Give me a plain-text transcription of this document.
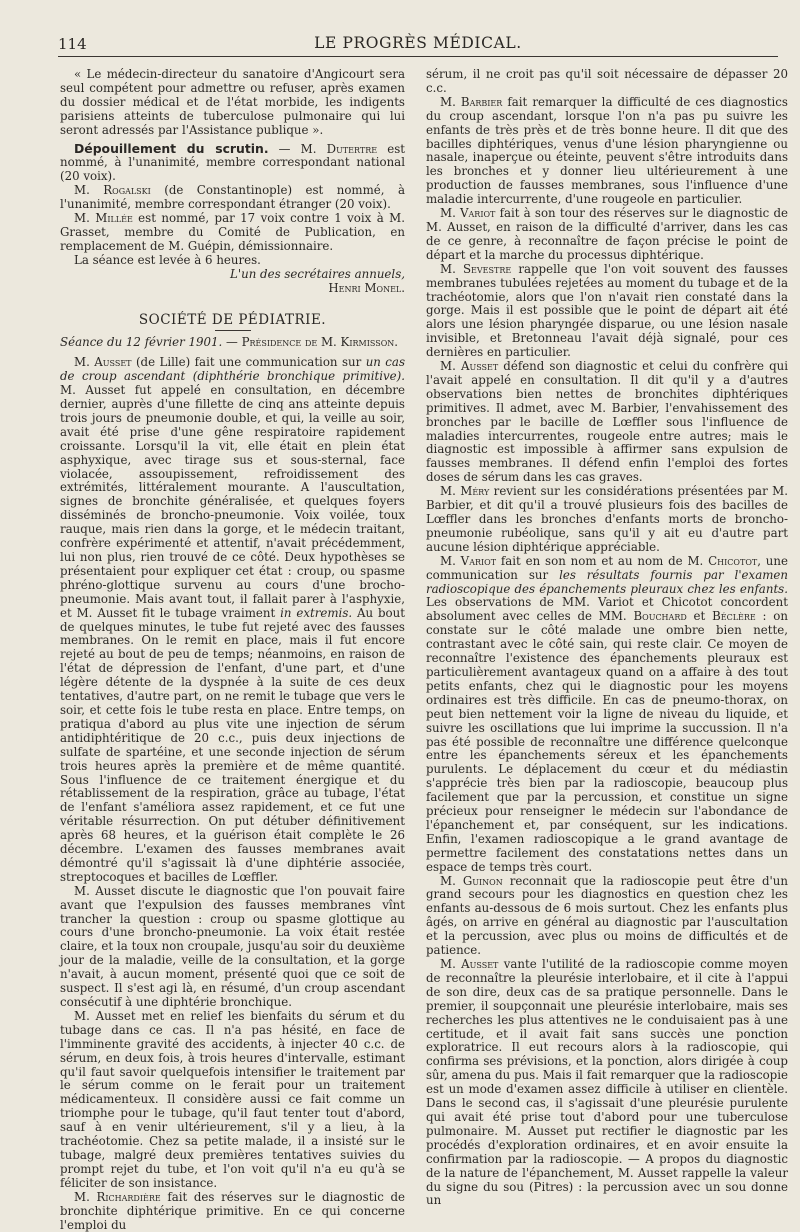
114	LE PROGRÈS MÉDICAL.

« Le médecin-directeur du sanatoire d'Angicourt sera seul compétent pour admettre ou refuser, après examen du dossier médical et de l'état morbide, les indigents parisiens atteints de tuberculose pulmonaire qui lui seront adressés par l'Assistance publique ».

Dépouillement du scrutin. — M. Dutertre est nommé, à l'unanimité, membre correspondant national (20 voix).

M. Rogalski (de Constantinople) est nommé, à l'unanimité, membre correspondant étranger (20 voix).

M. Millée est nommé, par 17 voix contre 1 voix à M. Grasset, membre du Comité de Publication, en remplacement de M. Guépin, démissionnaire.

La séance est levée à 6 heures.

L'un des secrétaires annuels,

Henri Monel.

SOCIÉTÉ DE PÉDIATRIE.

Séance du 12 février 1901. — Présidence de M. Kirmisson.

M. Ausset (de Lille) fait une communication sur un cas de croup ascendant (diphthérie bronchique primitive). M. Ausset fut appelé en consultation, en décembre dernier, auprès d'une fillette de cinq ans atteinte depuis trois jours de pneumonie double, et qui, la veille au soir, avait été prise d'une gêne respiratoire rapidement croissante. Lorsqu'il la vit, elle était en plein état asphyxique, avec tirage sus et sous-sternal, face violacée, assoupissement, refroidissement des extrémités, littéralement mourante. A l'auscultation, signes de bronchite généralisée, et quelques foyers disséminés de broncho-pneumonie. Voix voilée, toux rauque, mais rien dans la gorge, et le médecin traitant, confrère expérimenté et attentif, n'avait précédemment, lui non plus, rien trouvé de ce côté. Deux hypothèses se présentaient pour expliquer cet état : croup, ou spasme phréno-glottique survenu au cours d'une brocho-pneumonie. Mais avant tout, il fallait parer à l'asphyxie, et M. Ausset fit le tubage vraiment in extremis. Au bout de quelques minutes, le tube fut rejeté avec des fausses membranes. On le remit en place, mais il fut encore rejeté au bout de peu de temps; néanmoins, en raison de l'état de dépression de l'enfant, d'une part, et d'une légère détente de la dyspnée à la suite de ces deux tentatives, d'autre part, on ne remit le tubage que vers le soir, et cette fois le tube resta en place. Entre temps, on pratiqua d'abord au plus vite une injection de sérum antidiphtéritique de 20 c.c., puis deux injections de sulfate de spartéine, et une seconde injection de sérum trois heures après la première et de même quantité. Sous l'influence de ce traitement énergique et du rétablissement de la respiration, grâce au tubage, l'état de l'enfant s'améliora assez rapidement, et ce fut une véritable résurrection. On put détuber définitivement après 68 heures, et la guérison était complète le 26 décembre. L'examen des fausses membranes avait démontré qu'il s'agissait là d'une diphtérie associée, streptocoques et bacilles de Lœffler.

M. Ausset discute le diagnostic que l'on pouvait faire avant que l'expulsion des fausses membranes vînt trancher la question : croup ou spasme glottique au cours d'une broncho-pneumonie. La voix était restée claire, et la toux non croupale, jusqu'au soir du deuxième jour de la maladie, veille de la consultation, et la gorge n'avait, à aucun moment, présenté quoi que ce soit de suspect. Il s'est agi là, en résumé, d'un croup ascendant consécutif à une diphtérie bronchique.

M. Ausset met en relief les bienfaits du sérum et du tubage dans ce cas. Il n'a pas hésité, en face de l'imminente gravité des accidents, à injecter 40 c.c. de sérum, en deux fois, à trois heures d'intervalle, estimant qu'il faut savoir quelquefois intensifier le traitement par le sérum comme on le ferait pour un traitement médicamenteux. Il considère aussi ce fait comme un triomphe pour le tubage, qu'il faut tenter tout d'abord, sauf à en venir ultérieurement, s'il y a lieu, à la trachéotomie. Chez sa petite malade, il a insisté sur le tubage, malgré deux premières tentatives suivies du prompt rejet du tube, et l'on voit qu'il n'a eu qu'à se féliciter de son insistance.

M. Richardière fait des réserves sur le diagnostic de bronchite diphtérique primitive. En ce qui concerne l'emploi du

sérum, il ne croit pas qu'il soit nécessaire de dépasser 20 c.c.

M. Barbier fait remarquer la difficulté de ces diagnostics du croup ascendant, lorsque l'on n'a pas pu suivre les enfants de très près et de très bonne heure. Il dit que des bacilles diphtériques, venus d'une lésion pharyngienne ou nasale, inaperçue ou éteinte, peuvent s'être introduits dans les bronches et y donner lieu ultérieurement à une production de fausses membranes, sous l'influence d'une maladie intercurrente, d'une rougeole en particulier.

M. Variot fait à son tour des réserves sur le diagnostic de M. Ausset, en raison de la difficulté d'arriver, dans les cas de ce genre, à reconnaître de façon précise le point de départ et la marche du processus diphtérique.

M. Sevestre rappelle que l'on voit souvent des fausses membranes tubulées rejetées au moment du tubage et de la trachéotomie, alors que l'on n'avait rien constaté dans la gorge. Mais il est possible que le point de départ ait été alors une lésion pharyngée disparue, ou une lésion nasale invisible, et Bretonneau l'avait déjà signalé, pour ces dernières en particulier.

M. Ausset défend son diagnostic et celui du confrère qui l'avait appelé en consultation. Il dit qu'il y a d'autres observations bien nettes de bronchites diphtériques primitives. Il admet, avec M. Barbier, l'envahissement des bronches par le bacille de Lœffler sous l'influence de maladies intercurrentes, rougeole entre autres; mais le diagnostic est impossible à affirmer sans expulsion de fausses membranes. Il défend enfin l'emploi des fortes doses de sérum dans les cas graves.

M. Méry revient sur les considérations présentées par M. Barbier, et dit qu'il a trouvé plusieurs fois des bacilles de Lœffler dans les bronches d'enfants morts de broncho-pneumonie rubéolique, sans qu'il y ait eu d'autre part aucune lésion diphtérique appréciable.

M. Variot fait en son nom et au nom de M. Chicotot, une communication sur les résultats fournis par l'examen radioscopique des épanchements pleuraux chez les enfants. Les observations de MM. Variot et Chicotot concordent absolument avec celles de MM. Bouchard et Béclère : on constate sur le côté malade une ombre bien nette, contrastant avec le côté sain, qui reste clair. Ce moyen de reconnaître l'existence des épanchements pleuraux est particulièrement avantageux quand on a affaire à des tout petits enfants, chez qui le diagnostic pour les moyens ordinaires est très difficile. En cas de pneumo-thorax, on peut bien nettement voir la ligne de niveau du liquide, et suivre les oscillations que lui imprime la succussion. Il n'a pas été possible de reconnaître une différence quelconque entre les épanchements séreux et les épanchements purulents. Le déplacement du cœur et du médiastin s'apprécie très bien par la radioscopie, beaucoup plus facilement que par la percussion, et constitue un signe précieux pour renseigner le médecin sur l'abondance de l'épanchement et, par conséquent, sur les indications. Enfin, l'examen radioscopique a le grand avantage de permettre facilement des constatations nettes dans un espace de temps très court.

M. Guinon reconnait que la radioscopie peut être d'un grand secours pour les diagnostics en question chez les enfants au-dessous de 6 mois surtout. Chez les enfants plus âgés, on arrive en général au diagnostic par l'auscultation et la percussion, avec plus ou moins de difficultés et de patience.

M. Ausset vante l'utilité de la radioscopie comme moyen de reconnaître la pleurésie interlobaire, et il cite à l'appui de son dire, deux cas de sa pratique personnelle. Dans le premier, il soupçonnait une pleurésie interlobaire, mais ses recherches les plus attentives ne le conduisaient pas à une certitude, et il avait fait sans succès une ponction exploratrice. Il eut recours alors à la radioscopie, qui confirma ses prévisions, et la ponction, alors dirigée à coup sûr, amena du pus. Mais il fait remarquer que la radioscopie est un mode d'examen assez difficile à utiliser en clientèle. Dans le second cas, il s'agissait d'une pleurésie purulente qui avait été prise tout d'abord pour une tuberculose pulmonaire. M. Ausset put rectifier le diagnostic par les procédés d'exploration ordinaires, et en avoir ensuite la confirmation par la radioscopie. — A propos du diagnostic de la nature de l'épanchement, M. Ausset rappelle la valeur du signe du sou (Pitres) : la percussion avec un sou donne un
